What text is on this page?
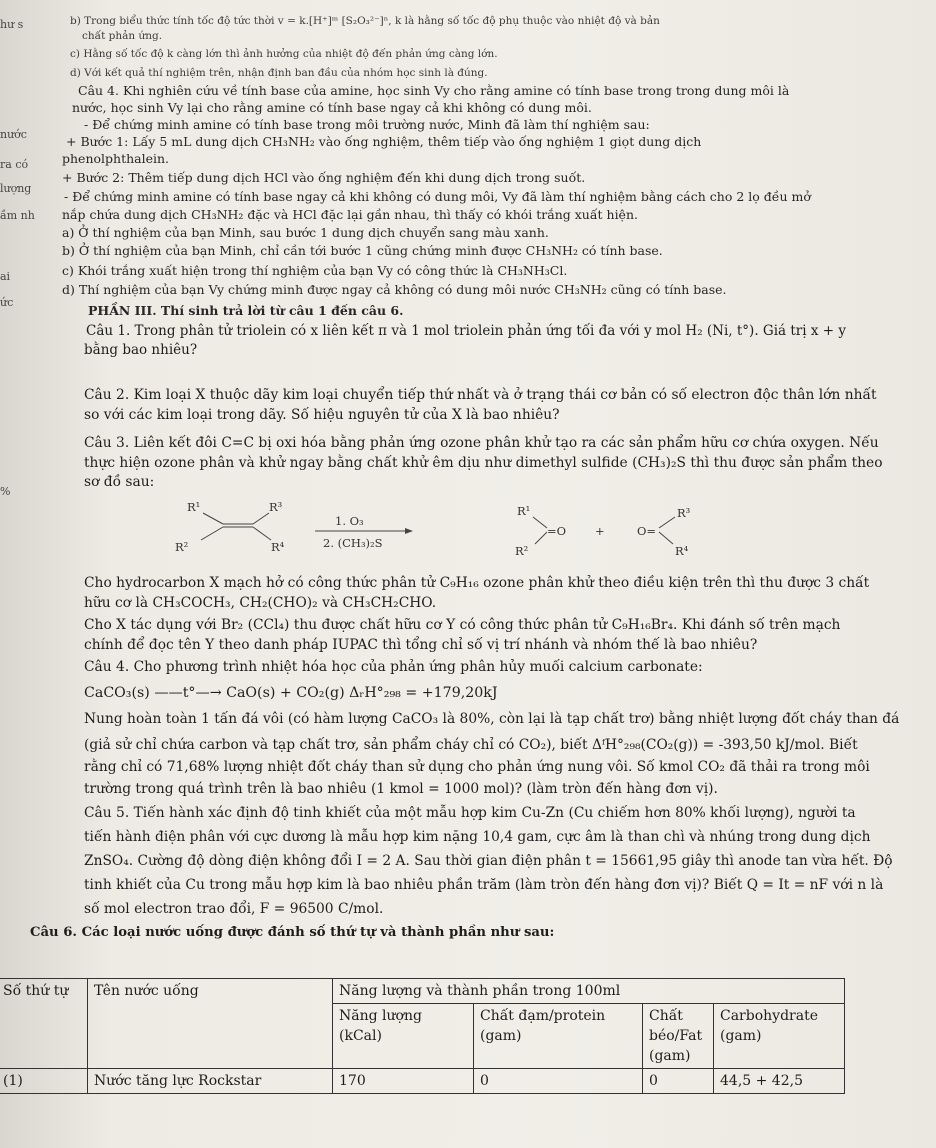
hư s
nước
ra có
lượng
ầm nh
ai
ức
%
b) Trong biểu thức tính tốc độ tức thời v = k.[H⁺]ᵐ [S₂O₃²⁻]ⁿ, k là hằng số tốc độ phụ thuộc vào nhiệt độ và bản
chất phản ứng.
c) Hằng số tốc độ k càng lớn thì ảnh hưởng của nhiệt độ đến phản ứng càng lớn.
d) Với kết quả thí nghiệm trên, nhận định ban đầu của nhóm học sinh là đúng.
Câu 4. Khi nghiên cứu về tính base của amine, học sinh Vy cho rằng amine có tính base trong trong dung môi là
nước, học sinh Vy lại cho rằng amine có tính base ngay cả khi không có dung môi.
- Để chứng minh amine có tính base trong môi trường nước, Minh đã làm thí nghiệm sau:
+ Bước 1: Lấy 5 mL dung dịch CH₃NH₂ vào ống nghiệm, thêm tiếp vào ống nghiệm 1 giọt dung dịch
phenolphthalein.
+ Bước 2: Thêm tiếp dung dịch HCl vào ống nghiệm đến khi dung dịch trong suốt.
- Để chứng minh amine có tính base ngay cả khi không có dung môi, Vy đã làm thí nghiệm bằng cách cho 2 lọ đều mở
nắp chứa dung dịch CH₃NH₂ đặc và HCl đặc lại gần nhau, thì thấy có khói trắng xuất hiện.
a) Ở thí nghiệm của bạn Minh, sau bước 1 dung dịch chuyển sang màu xanh.
b) Ở thí nghiệm của bạn Minh, chỉ cần tới bước 1 cũng chứng minh được CH₃NH₂ có tính base.
c) Khói trắng xuất hiện trong thí nghiệm của bạn Vy có công thức là CH₃NH₃Cl.
d) Thí nghiệm của bạn Vy chứng minh được ngay cả không có dung môi nước CH₃NH₂ cũng có tính base.
PHẦN III. Thí sinh trả lời từ câu 1 đến câu 6.
Câu 1. Trong phân tử triolein có x liên kết π và 1 mol triolein phản ứng tối đa với y mol H₂ (Ni, t°). Giá trị x + y
bằng bao nhiêu?
Câu 2. Kim loại X thuộc dãy kim loại chuyển tiếp thứ nhất và ở trạng thái cơ bản có số electron độc thân lớn nhất
so với các kim loại trong dãy. Số hiệu nguyên tử của X là bao nhiêu?
Câu 3. Liên kết đôi C=C bị oxi hóa bằng phản ứng ozone phân khử tạo ra các sản phẩm hữu cơ chứa oxygen. Nếu
thực hiện ozone phân và khử ngay bằng chất khử êm dịu như dimethyl sulfide (CH₃)₂S thì thu được sản phẩm theo
sơ đồ sau:
R¹	R³
R²	R⁴
1. O₃
2. (CH₃)₂S
R¹
R²
=O	+	O=
R³
R⁴
Cho hydrocarbon X mạch hở có công thức phân tử C₉H₁₆ ozone phân khử theo điều kiện trên thì thu được 3 chất
hữu cơ là CH₃COCH₃, CH₂(CHO)₂ và CH₃CH₂CHO.
Cho X tác dụng với Br₂ (CCl₄) thu được chất hữu cơ Y có công thức phân tử C₉H₁₆Br₄. Khi đánh số trên mạch
chính để đọc tên Y theo danh pháp IUPAC thì tổng chỉ số vị trí nhánh và nhóm thế là bao nhiêu?
Câu 4. Cho phương trình nhiệt hóa học của phản ứng phân hủy muối calcium carbonate:
CaCO₃(s) ——t°—→ CaO(s) + CO₂(g) ΔᵣH°₂₉₈ = +179,20kJ
Nung hoàn toàn 1 tấn đá vôi (có hàm lượng CaCO₃ là 80%, còn lại là tạp chất trơ) bằng nhiệt lượng đốt cháy than đá
(giả sử chỉ chứa carbon và tạp chất trơ, sản phẩm cháy chỉ có CO₂), biết ΔᶠH°₂₉₈(CO₂(g)) = -393,50 kJ/mol. Biết
rằng chỉ có 71,68% lượng nhiệt đốt cháy than sử dụng cho phản ứng nung vôi. Số kmol CO₂ đã thải ra trong môi
trường trong quá trình trên là bao nhiêu (1 kmol = 1000 mol)? (làm tròn đến hàng đơn vị).
Câu 5. Tiến hành xác định độ tinh khiết của một mẫu hợp kim Cu-Zn (Cu chiếm hơn 80% khối lượng), người ta
tiến hành điện phân với cực dương là mẫu hợp kim nặng 10,4 gam, cực âm là than chì và nhúng trong dung dịch
ZnSO₄. Cường độ dòng điện không đổi I = 2 A. Sau thời gian điện phân t = 15661,95 giây thì anode tan vừa hết. Độ
tinh khiết của Cu trong mẫu hợp kim là bao nhiêu phần trăm (làm tròn đến hàng đơn vị)? Biết Q = It = nF với n là
số mol electron trao đổi, F = 96500 C/mol.
Câu 6. Các loại nước uống được đánh số thứ tự và thành phần như sau:
Số thứ tự	Tên nước uống	Năng lượng và thành phần trong 100ml			
		Năng lượng (kCal)	Chất đạm/protein (gam)	Chất béo/Fat (gam)	Carbohydrate (gam)
(1)	Nước tăng lực Rockstar	170	0	0	44,5 + 42,5
